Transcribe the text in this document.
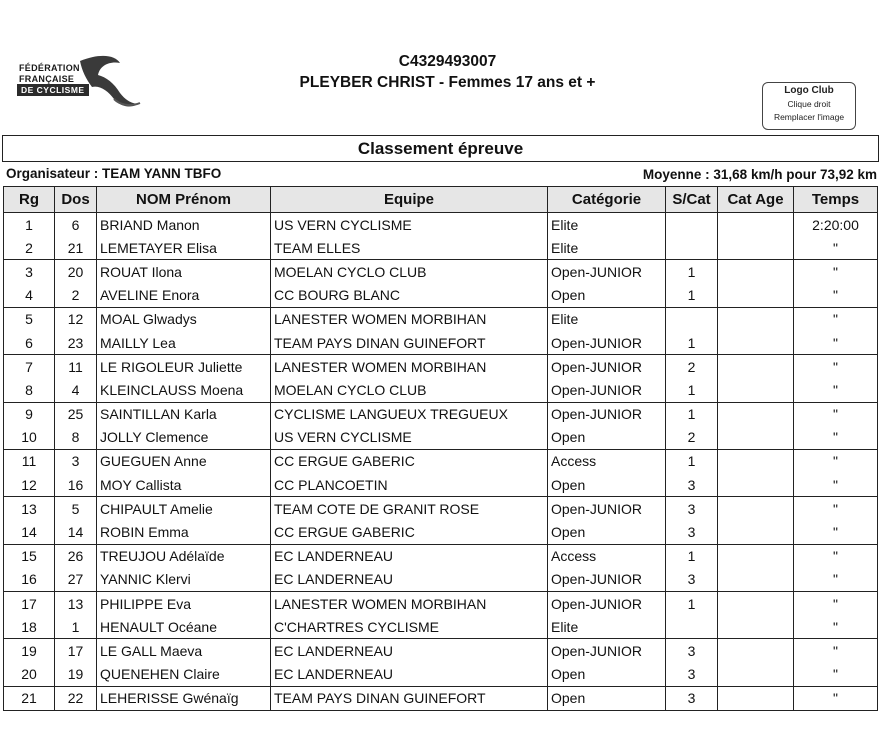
FÉDÉRATION
FRANÇAISE
DE CYCLISME
C4329493007
PLEYBER CHRIST - Femmes 17 ans et +	Logo Club
Clique droit
Remplacer l'image
Classement épreuve
Organisateur : TEAM YANN TBFO	Moyenne : 31,68 km/h pour 73,92 km
Rg	Dos	NOM Prénom	Equipe	Catégorie	S/Cat	Cat Age	Temps
1	6	BRIAND Manon	US VERN CYCLISME	Elite			2:20:00
2	21	LEMETAYER Elisa	TEAM ELLES	Elite			"
3	20	ROUAT Ilona	MOELAN CYCLO CLUB	Open-JUNIOR	1		"
4	2	AVELINE Enora	CC BOURG BLANC	Open	1		"
5	12	MOAL Glwadys	LANESTER WOMEN MORBIHAN	Elite			"
6	23	MAILLY Lea	TEAM PAYS DINAN GUINEFORT	Open-JUNIOR	1		"
7	11	LE RIGOLEUR Juliette	LANESTER WOMEN MORBIHAN	Open-JUNIOR	2		"
8	4	KLEINCLAUSS Moena	MOELAN CYCLO CLUB	Open-JUNIOR	1		"
9	25	SAINTILLAN Karla	CYCLISME LANGUEUX TREGUEUX	Open-JUNIOR	1		"
10	8	JOLLY Clemence	US VERN CYCLISME	Open	2		"
11	3	GUEGUEN Anne	CC ERGUE GABERIC	Access	1		"
12	16	MOY Callista	CC PLANCOETIN	Open	3		"
13	5	CHIPAULT Amelie	TEAM COTE DE GRANIT ROSE	Open-JUNIOR	3		"
14	14	ROBIN Emma	CC ERGUE GABERIC	Open	3		"
15	26	TREUJOU Adélaïde	EC LANDERNEAU	Access	1		"
16	27	YANNIC Klervi	EC LANDERNEAU	Open-JUNIOR	3		"
17	13	PHILIPPE Eva	LANESTER WOMEN MORBIHAN	Open-JUNIOR	1		"
18	1	HENAULT Océane	C'CHARTRES CYCLISME	Elite			"
19	17	LE GALL Maeva	EC LANDERNEAU	Open-JUNIOR	3		"
20	19	QUENEHEN Claire	EC LANDERNEAU	Open	3		"
21	22	LEHERISSE Gwénaïg	TEAM PAYS DINAN GUINEFORT	Open	3		"
